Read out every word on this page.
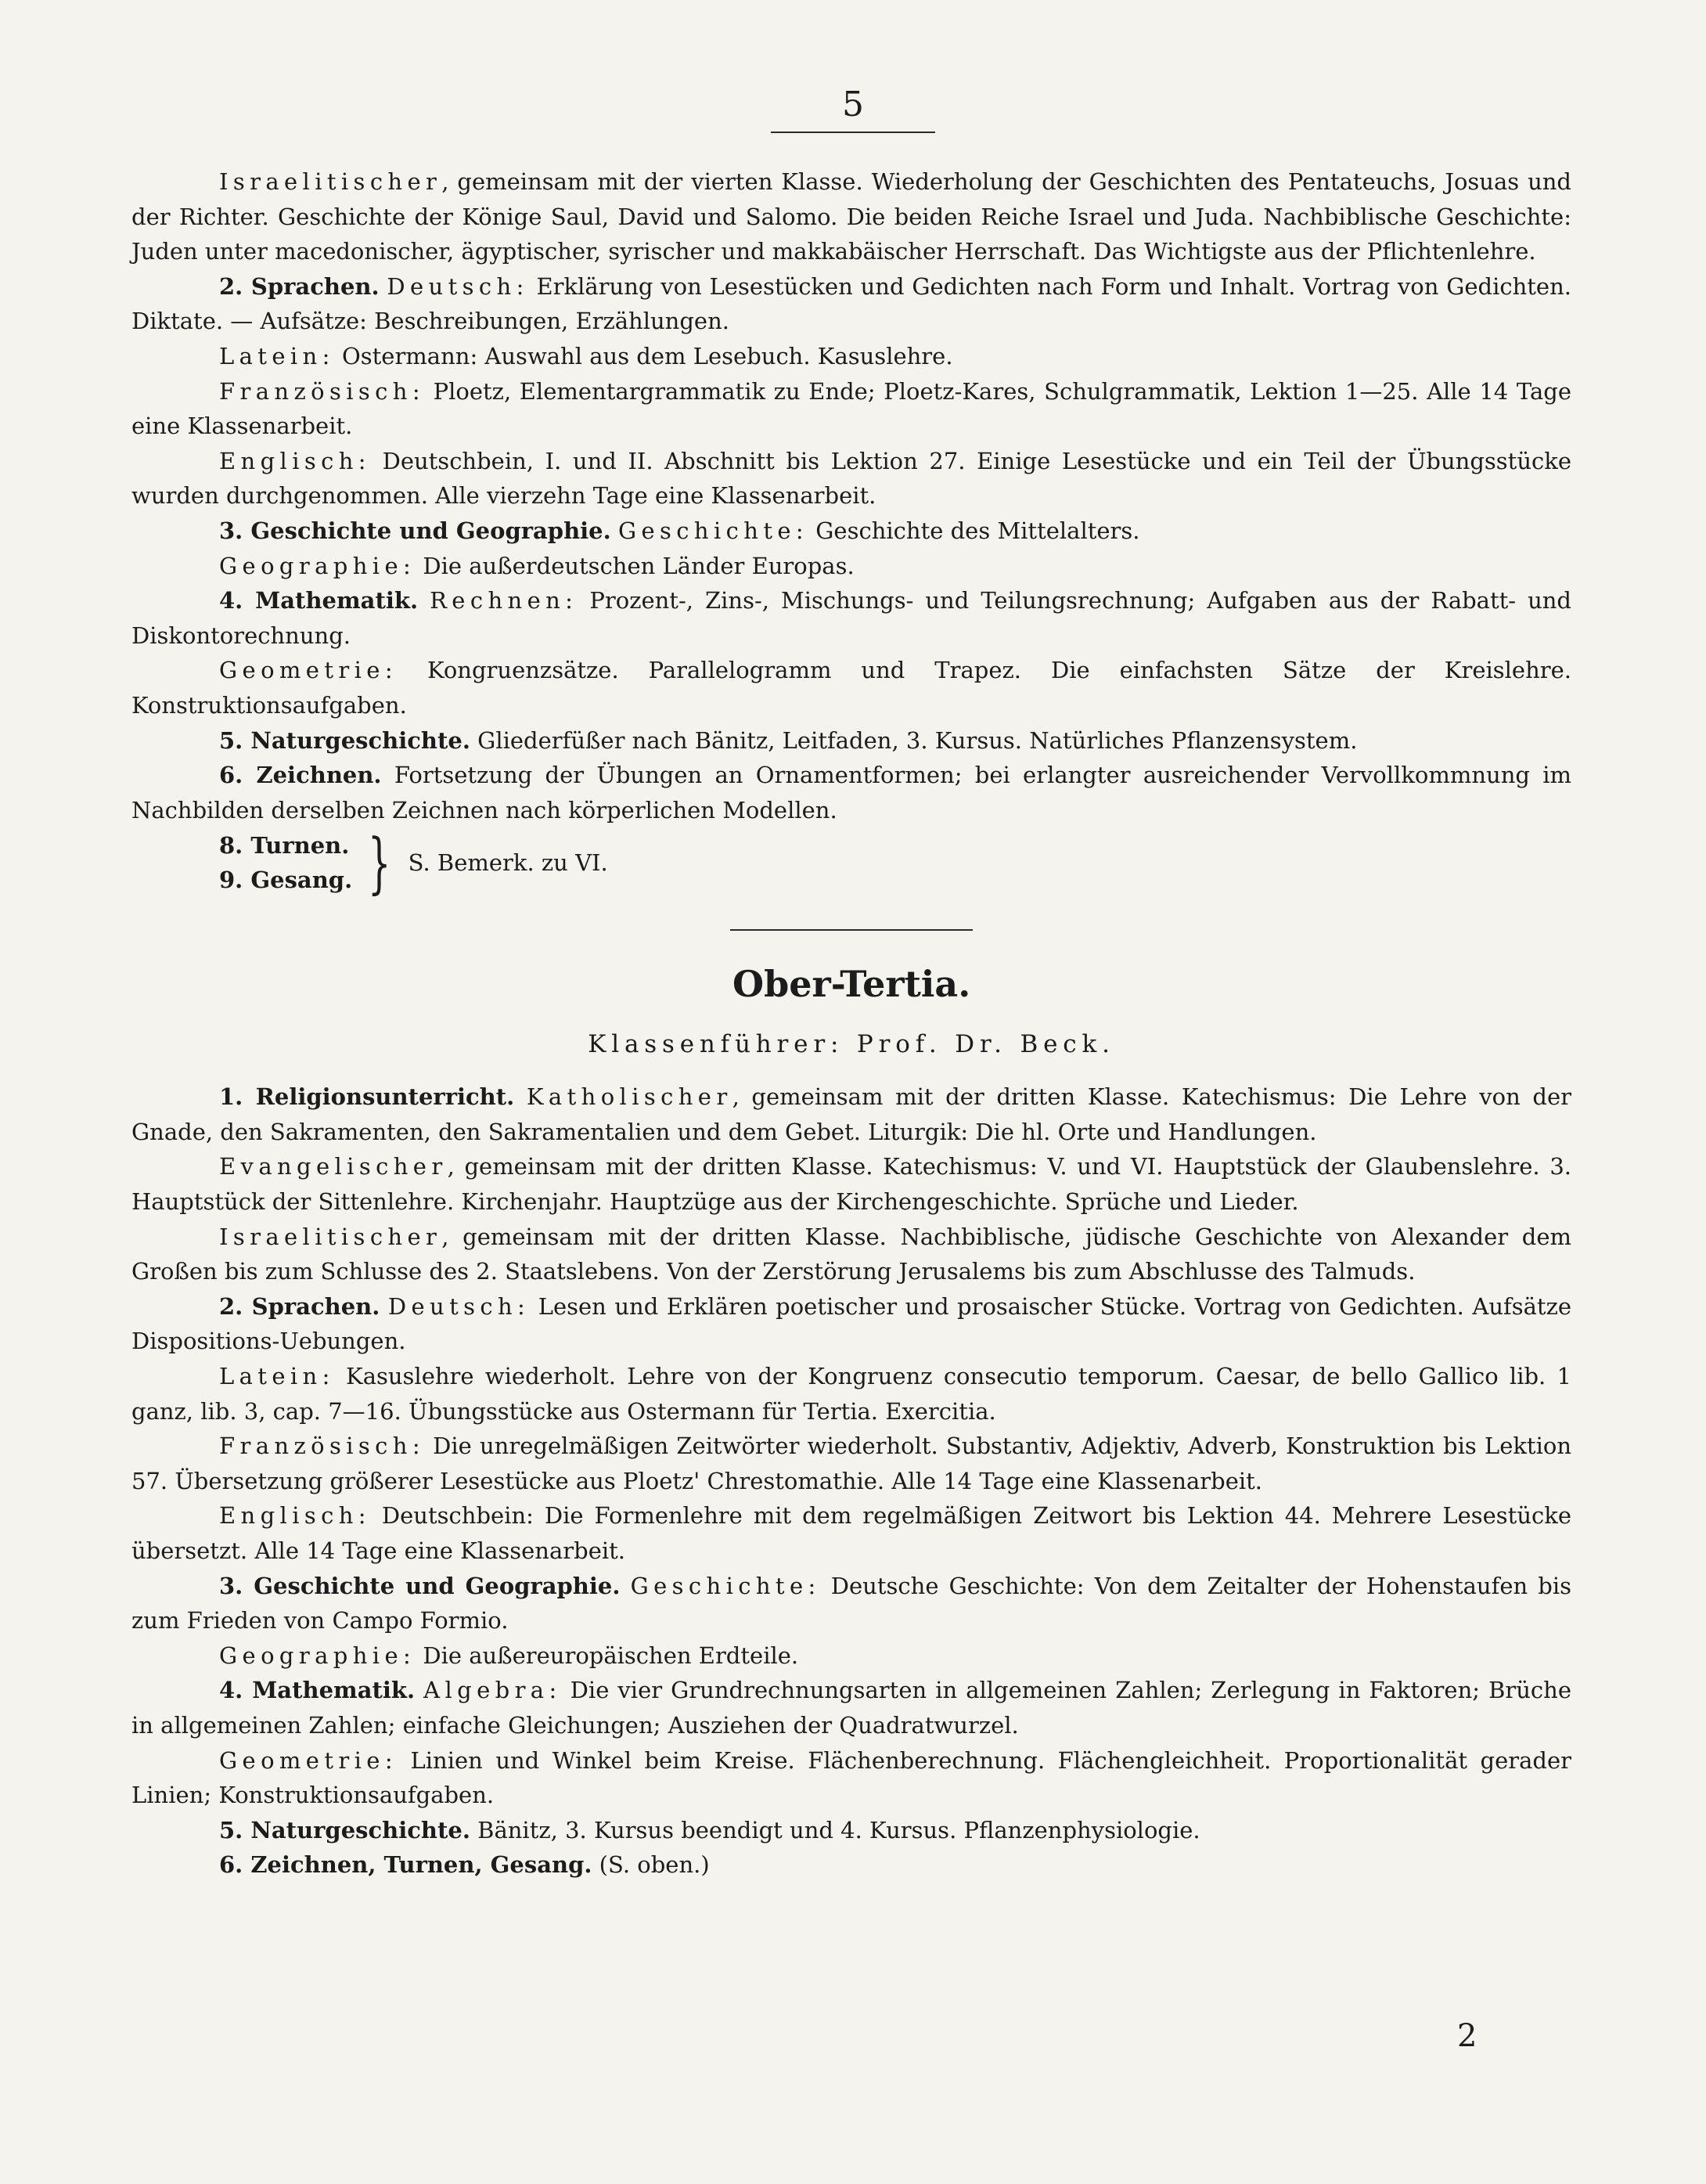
5

Israelitischer, gemeinsam mit der vierten Klasse. Wiederholung der Geschichten des Pentateuchs, Josuas und der Richter. Geschichte der Könige Saul, David und Salomo. Die beiden Reiche Israel und Juda. Nachbiblische Geschichte: Juden unter macedonischer, ägyptischer, syrischer und makkabäischer Herrschaft. Das Wichtigste aus der Pflichtenlehre.

2. Sprachen. Deutsch: Erklärung von Lesestücken und Gedichten nach Form und Inhalt. Vortrag von Gedichten. Diktate. — Aufsätze: Beschreibungen, Erzählungen.

Latein: Ostermann: Auswahl aus dem Lesebuch. Kasuslehre.

Französisch: Ploetz, Elementargrammatik zu Ende; Ploetz-Kares, Schulgrammatik, Lektion 1—25. Alle 14 Tage eine Klassenarbeit.

Englisch: Deutschbein, I. und II. Abschnitt bis Lektion 27. Einige Lesestücke und ein Teil der Übungsstücke wurden durchgenommen. Alle vierzehn Tage eine Klassenarbeit.

3. Geschichte und Geographie. Geschichte: Geschichte des Mittelalters.

Geographie: Die außerdeutschen Länder Europas.

4. Mathematik. Rechnen: Prozent-, Zins-, Mischungs- und Teilungsrechnung; Aufgaben aus der Rabatt- und Diskontorechnung.

Geometrie: Kongruenzsätze. Parallelogramm und Trapez. Die einfachsten Sätze der Kreislehre. Konstruktionsaufgaben.

5. Naturgeschichte. Gliederfüßer nach Bänitz, Leitfaden, 3. Kursus. Natürliches Pflanzensystem.

6. Zeichnen. Fortsetzung der Übungen an Ornamentformen; bei erlangter ausreichender Vervollkommnung im Nachbilden derselben Zeichnen nach körperlichen Modellen.

8. Turnen.
9. Gesang. } S. Bemerk. zu VI.
Ober-Tertia.
Klassenführer: Prof. Dr. Beck.

1. Religionsunterricht. Katholischer, gemeinsam mit der dritten Klasse. Katechismus: Die Lehre von der Gnade, den Sakramenten, den Sakramentalien und dem Gebet. Liturgik: Die hl. Orte und Handlungen.

Evangelischer, gemeinsam mit der dritten Klasse. Katechismus: V. und VI. Hauptstück der Glaubenslehre. 3. Hauptstück der Sittenlehre. Kirchenjahr. Hauptzüge aus der Kirchengeschichte. Sprüche und Lieder.

Israelitischer, gemeinsam mit der dritten Klasse. Nachbiblische, jüdische Geschichte von Alexander dem Großen bis zum Schlusse des 2. Staatslebens. Von der Zerstörung Jerusalems bis zum Abschlusse des Talmuds.

2. Sprachen. Deutsch: Lesen und Erklären poetischer und prosaischer Stücke. Vortrag von Gedichten. Aufsätze Dispositions-Uebungen.

Latein: Kasuslehre wiederholt. Lehre von der Kongruenz consecutio temporum. Caesar, de bello Gallico lib. 1 ganz, lib. 3, cap. 7—16. Übungsstücke aus Ostermann für Tertia. Exercitia.

Französisch: Die unregelmäßigen Zeitwörter wiederholt. Substantiv, Adjektiv, Adverb, Konstruktion bis Lektion 57. Übersetzung größerer Lesestücke aus Ploetz' Chrestomathie. Alle 14 Tage eine Klassenarbeit.

Englisch: Deutschbein: Die Formenlehre mit dem regelmäßigen Zeitwort bis Lektion 44. Mehrere Lesestücke übersetzt. Alle 14 Tage eine Klassenarbeit.

3. Geschichte und Geographie. Geschichte: Deutsche Geschichte: Von dem Zeitalter der Hohenstaufen bis zum Frieden von Campo Formio.

Geographie: Die außereuropäischen Erdteile.

4. Mathematik. Algebra: Die vier Grundrechnungsarten in allgemeinen Zahlen; Zerlegung in Faktoren; Brüche in allgemeinen Zahlen; einfache Gleichungen; Ausziehen der Quadratwurzel.

Geometrie: Linien und Winkel beim Kreise. Flächenberechnung. Flächengleichheit. Proportionalität gerader Linien; Konstruktionsaufgaben.

5. Naturgeschichte. Bänitz, 3. Kursus beendigt und 4. Kursus. Pflanzenphysiologie.

6. Zeichnen, Turnen, Gesang. (S. oben.)

2
